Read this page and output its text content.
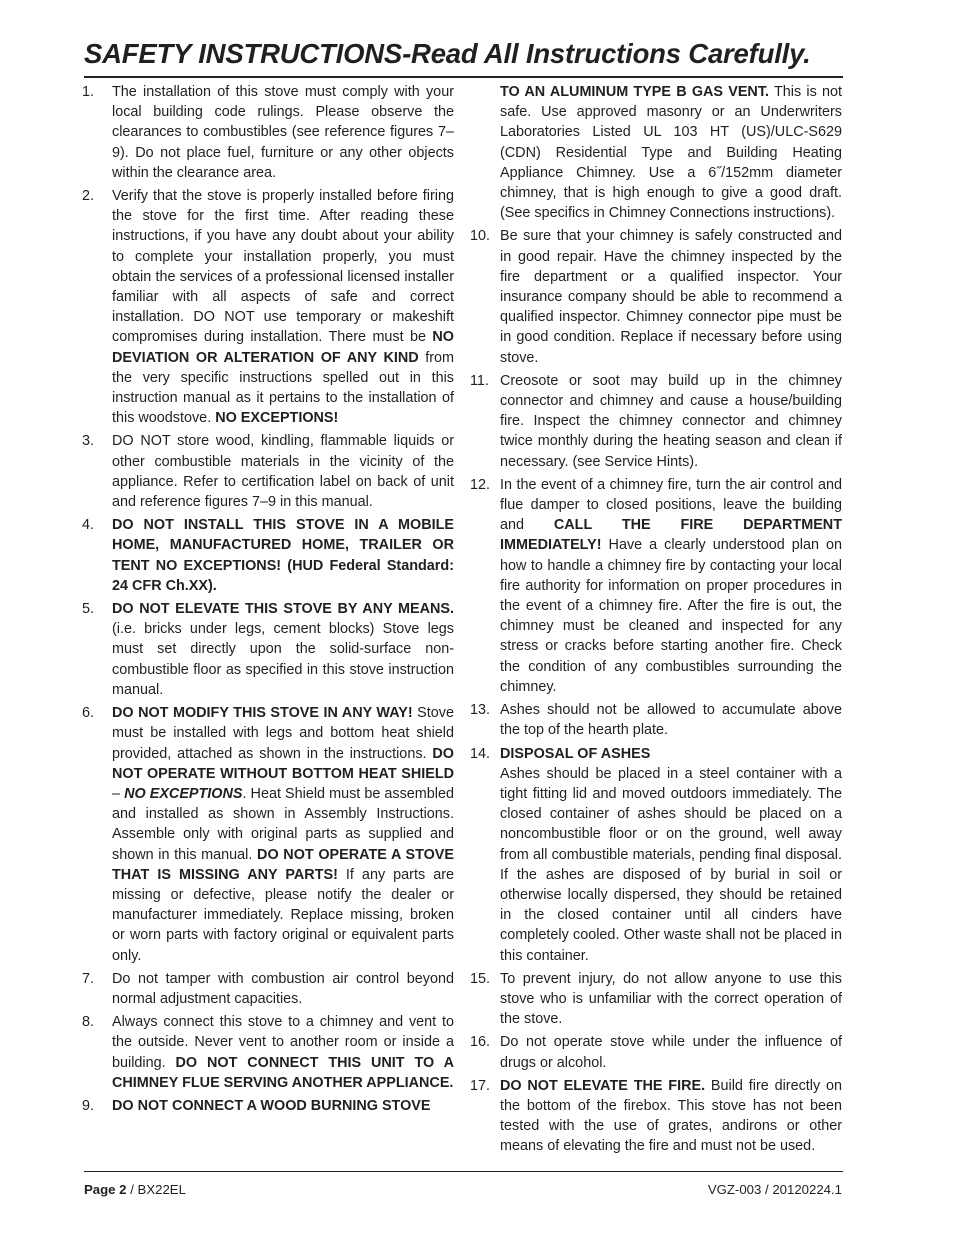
SAFETY INSTRUCTIONS-Read All Instructions Carefully.
1.	The installation of this stove must comply with your local building code rulings. Please observe the clearances to combustibles (see reference figures 7–9). Do not place fuel, furniture or any other objects within the clearance area.
2.	Verify that the stove is properly installed before firing the stove for the first time. After reading these instructions, if you have any doubt about your ability to complete your installation properly, you must obtain the services of a professional licensed installer familiar with all aspects of safe and correct installation. DO NOT use temporary or makeshift compromises during installation. There must be NO DEVIATION OR ALTERATION OF ANY KIND from the very specific instructions spelled out in this instruction manual as it pertains to the installation of this woodstove. NO EXCEPTIONS!
3.	DO NOT store wood, kindling, flammable liquids or other combustible materials in the vicinity of the appliance. Refer to certification label on back of unit and reference figures 7–9 in this manual.
4.	DO NOT INSTALL THIS STOVE IN A MOBILE HOME, MANUFACTURED HOME, TRAILER OR TENT NO EXCEPTIONS! (HUD Federal Standard: 24 CFR Ch.XX).
5.	DO NOT ELEVATE THIS STOVE BY ANY MEANS. (i.e. bricks under legs, cement blocks) Stove legs must set directly upon the solid-surface non-combustible floor as specified in this stove instruction manual.
6.	DO NOT MODIFY THIS STOVE IN ANY WAY! Stove must be installed with legs and bottom heat shield provided, attached as shown in the instructions. DO NOT OPERATE WITHOUT BOTTOM HEAT SHIELD – NO EXCEPTIONS. Heat Shield must be assembled and installed as shown in Assembly Instructions. Assemble only with original parts as supplied and shown in this manual. DO NOT OPERATE A STOVE THAT IS MISSING ANY PARTS! If any parts are missing or defective, please notify the dealer or manufacturer immediately. Replace missing, broken or worn parts with factory original or equivalent parts only.
7.	Do not tamper with combustion air control beyond normal adjustment capacities.
8.	Always connect this stove to a chimney and vent to the outside. Never vent to another room or inside a building. DO NOT CONNECT THIS UNIT TO A CHIMNEY FLUE SERVING ANOTHER APPLIANCE.
9.	DO NOT CONNECT A WOOD BURNING STOVE
TO AN ALUMINUM TYPE B GAS VENT. This is not safe. Use approved masonry or an Underwriters Laboratories Listed UL 103 HT (US)/ULC-S629 (CDN) Residential Type and Building Heating Appliance Chimney. Use a 6˝/152mm diameter chimney, that is high enough to give a good draft. (See specifics in Chimney Connections instructions).
10. Be sure that your chimney is safely constructed and in good repair. Have the chimney inspected by the fire department or a qualified inspector. Your insurance company should be able to recommend a qualified inspector. Chimney connector pipe must be in good condition. Replace if necessary before using stove.
11. Creosote or soot may build up in the chimney connector and chimney and cause a house/building fire. Inspect the chimney connector and chimney twice monthly during the heating season and clean if necessary. (see Service Hints).
12. In the event of a chimney fire, turn the air control and flue damper to closed positions, leave the building and CALL THE FIRE DEPARTMENT IMMEDIATELY! Have a clearly understood plan on how to handle a chimney fire by contacting your local fire authority for information on proper procedures in the event of a chimney fire. After the fire is out, the chimney must be cleaned and inspected for any stress or cracks before starting another fire. Check the condition of any combustibles surrounding the chimney.
13. Ashes should not be allowed to accumulate above the top of the hearth plate.
14. DISPOSAL OF ASHES
Ashes should be placed in a steel container with a tight fitting lid and moved outdoors immediately. The closed container of ashes should be placed on a noncombustible floor or on the ground, well away from all combustible materials, pending final disposal. If the ashes are disposed of by burial in soil or otherwise locally dispersed, they should be retained in the closed container until all cinders have completely cooled. Other waste shall not be placed in this container.
15. To prevent injury, do not allow anyone to use this stove who is unfamiliar with the correct operation of the stove.
16. Do not operate stove while under the influence of drugs or alcohol.
17. DO NOT ELEVATE THE FIRE. Build fire directly on the bottom of the firebox. This stove has not been tested with the use of grates, andirons or other means of elevating the fire and must not be used.
Page 2 / BX22EL	VGZ-003 / 20120224.1
